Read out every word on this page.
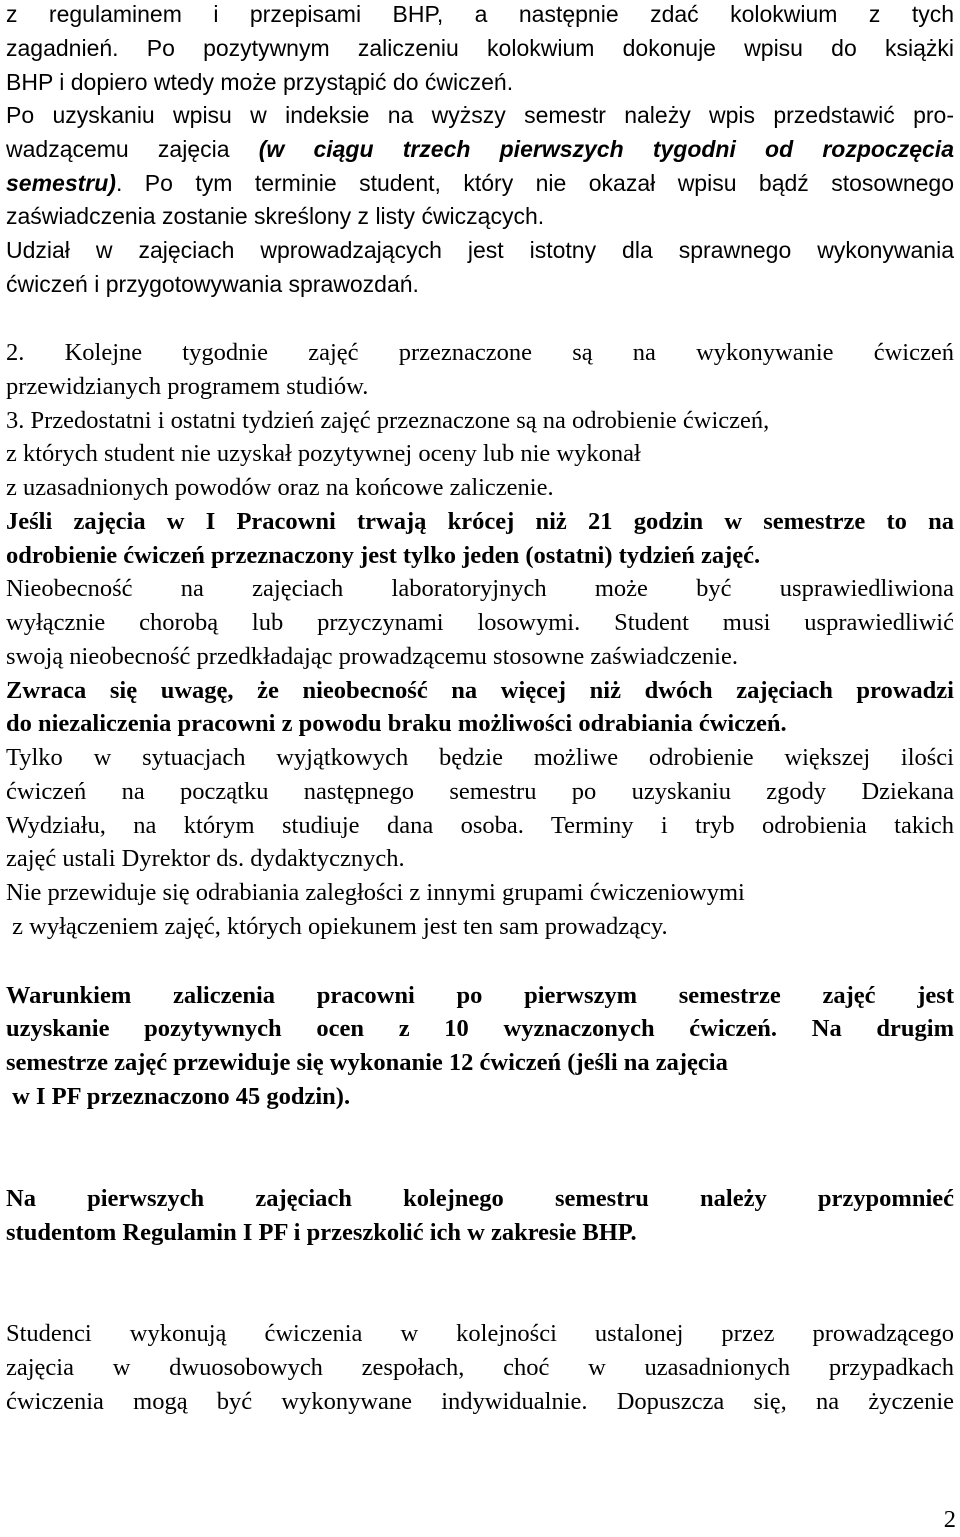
z regulaminem i przepisami BHP, a następnie zdać kolokwium z tych
zagadnień. Po pozytywnym zaliczeniu kolokwium dokonuje wpisu do książki
BHP i dopiero wtedy może przystąpić do ćwiczeń.
Po uzyskaniu wpisu w indeksie na wyższy semestr należy wpis przedstawić pro-
wadzącemu zajęcia (w ciągu trzech pierwszych tygodni od rozpoczęcia
semestru). Po tym terminie student, który nie okazał wpisu bądź stosownego
zaświadczenia zostanie skreślony z listy ćwiczących.
Udział w zajęciach wprowadzających jest istotny dla sprawnego wykonywania
ćwiczeń i przygotowywania sprawozdań.
2. Kolejne tygodnie zajęć przeznaczone są na wykonywanie ćwiczeń
przewidzianych programem studiów.
3. Przedostatni i ostatni tydzień zajęć przeznaczone są na odrobienie ćwiczeń,
z których student nie uzyskał pozytywnej oceny lub nie wykonał
z uzasadnionych powodów oraz na końcowe zaliczenie.
Jeśli zajęcia w I Pracowni trwają krócej niż 21 godzin w semestrze to na
odrobienie ćwiczeń przeznaczony jest tylko jeden (ostatni) tydzień zajęć.
Nieobecność na zajęciach laboratoryjnych może być usprawiedliwiona
wyłącznie chorobą lub przyczynami losowymi. Student musi usprawiedliwić
swoją nieobecność przedkładając prowadzącemu stosowne zaświadczenie.
Zwraca się uwagę, że nieobecność na więcej niż dwóch zajęciach prowadzi
do niezaliczenia pracowni z powodu braku możliwości odrabiania ćwiczeń.
Tylko w sytuacjach wyjątkowych będzie możliwe odrobienie większej ilości
ćwiczeń na początku następnego semestru po uzyskaniu zgody Dziekana
Wydziału, na którym studiuje dana osoba. Terminy i tryb odrobienia takich
zajęć ustali Dyrektor ds. dydaktycznych.
Nie przewiduje się odrabiania zaległości z innymi grupami ćwiczeniowymi
z wyłączeniem zajęć, których opiekunem jest ten sam prowadzący.
Warunkiem zaliczenia pracowni po pierwszym semestrze zajęć jest
uzyskanie pozytywnych ocen z 10 wyznaczonych ćwiczeń. Na drugim
semestrze zajęć przewiduje się wykonanie 12 ćwiczeń (jeśli na zajęcia
w I PF przeznaczono 45 godzin).
Na pierwszych zajęciach kolejnego semestru należy przypomnieć
studentom Regulamin I PF i przeszkolić ich w zakresie BHP.
Studenci wykonują ćwiczenia w kolejności ustalonej przez prowadzącego
zajęcia w dwuosobowych zespołach, choć w uzasadnionych przypadkach
ćwiczenia mogą być wykonywane indywidualnie. Dopuszcza się, na życzenie
2
